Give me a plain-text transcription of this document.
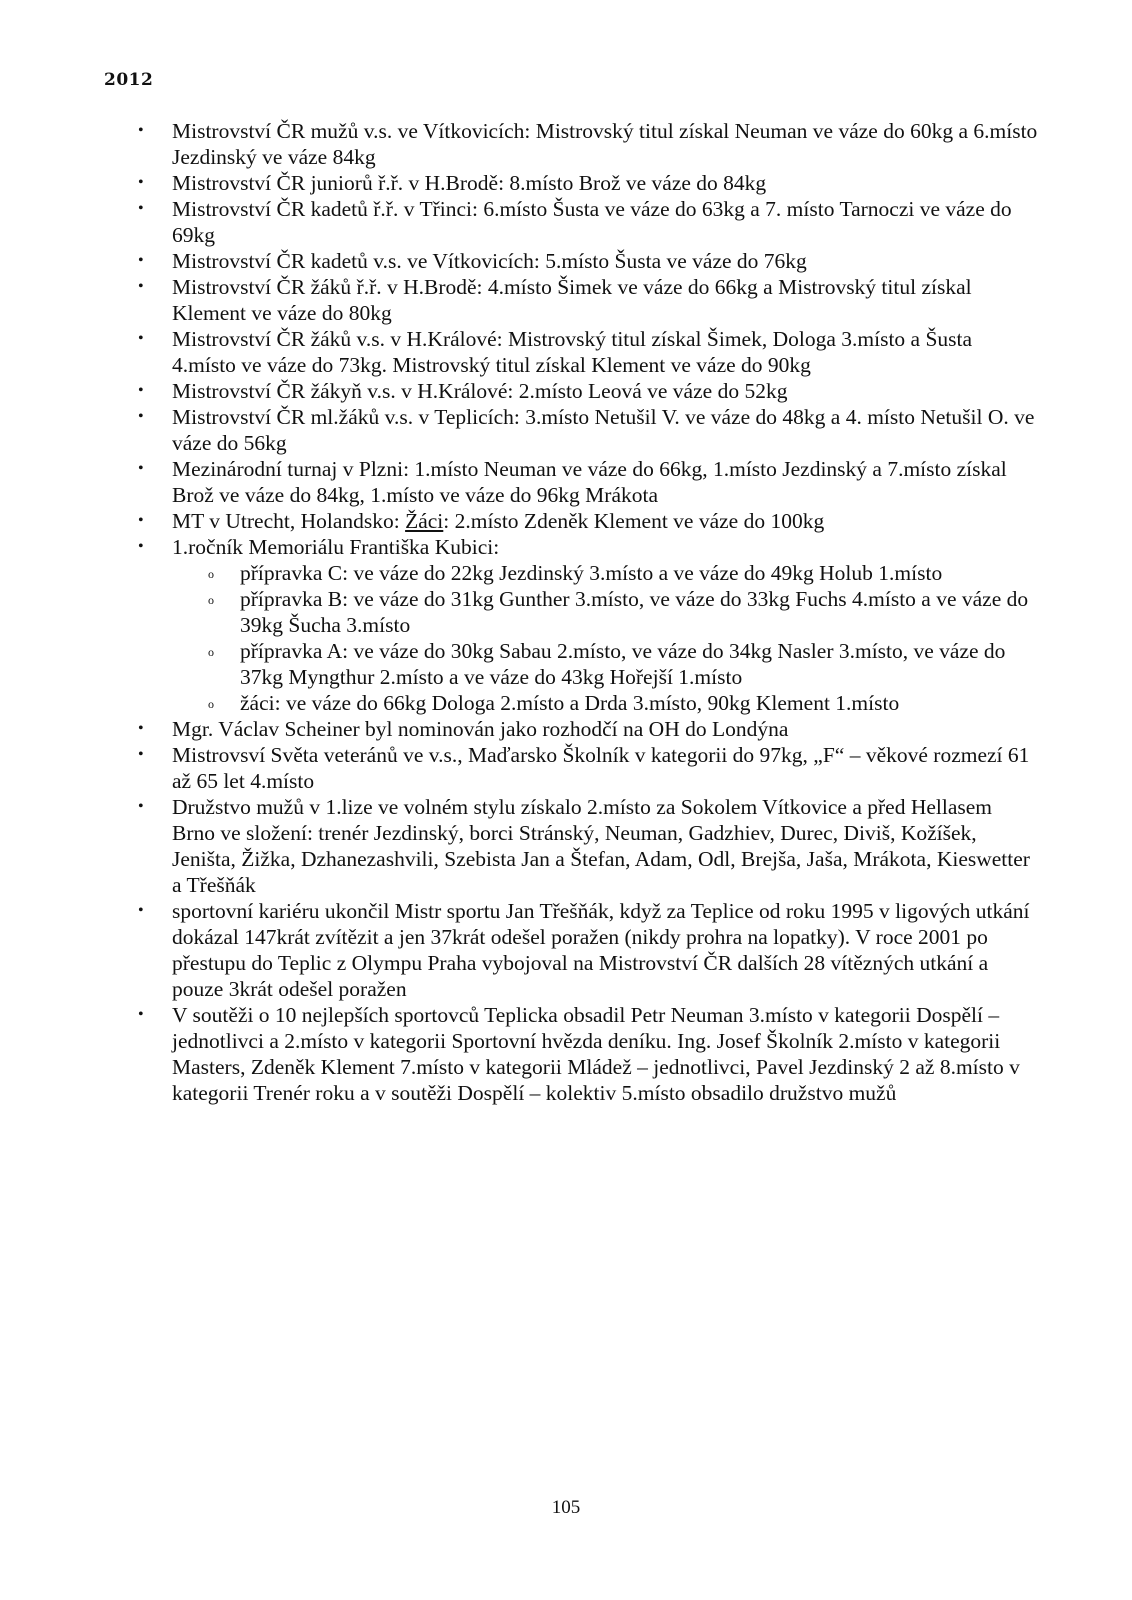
2012
•	Mistrovství ČR mužů v.s. ve Vítkovicích: Mistrovský titul získal Neuman ve váze do 60kg a 6.místo Jezdinský ve váze 84kg
•	Mistrovství ČR juniorů ř.ř. v H.Brodě: 8.místo Brož ve váze do 84kg
•	Mistrovství ČR kadetů ř.ř. v Třinci: 6.místo Šusta ve váze do 63kg a 7. místo Tarnoczi ve váze do 69kg
•	Mistrovství ČR kadetů v.s. ve Vítkovicích: 5.místo Šusta ve váze do 76kg
•	Mistrovství ČR žáků ř.ř. v H.Brodě: 4.místo Šimek ve váze do 66kg a Mistrovský titul získal Klement ve váze do 80kg
•	Mistrovství ČR žáků v.s. v H.Králové: Mistrovský titul získal Šimek, Dologa 3.místo a Šusta 4.místo ve váze do 73kg. Mistrovský titul získal Klement ve váze do 90kg
•	Mistrovství ČR žákyň v.s. v H.Králové: 2.místo Leová ve váze do 52kg
•	Mistrovství ČR ml.žáků v.s. v Teplicích: 3.místo Netušil V. ve váze do 48kg a 4. místo Netušil O. ve váze do 56kg
•	Mezinárodní turnaj v Plzni: 1.místo Neuman ve váze do 66kg, 1.místo Jezdinský a 7.místo získal Brož ve váze do 84kg, 1.místo ve váze do 96kg Mrákota
•	MT v Utrecht, Holandsko: Žáci: 2.místo Zdeněk Klement ve váze do 100kg
•	1.ročník Memoriálu Františka Kubici:
o přípravka C: ve váze do 22kg Jezdinský 3.místo a ve váze do 49kg Holub 1.místo
o přípravka B: ve váze do 31kg Gunther 3.místo, ve váze do 33kg Fuchs 4.místo a ve váze do 39kg Šucha 3.místo
o přípravka A: ve váze do 30kg Sabau 2.místo, ve váze do 34kg Nasler 3.místo, ve váze do 37kg Myngthur 2.místo a ve váze do 43kg Hořejší 1.místo
o žáci: ve váze do 66kg Dologa 2.místo a Drda 3.místo, 90kg Klement 1.místo
•	Mgr. Václav Scheiner byl nominován jako rozhodčí na OH do Londýna
•	Mistrovsví Světa veteránů ve v.s., Maďarsko Školník v kategorii do 97kg, „F“ – věkové rozmezí 61 až 65 let 4.místo
•	Družstvo mužů v 1.lize ve volném stylu získalo 2.místo za Sokolem Vítkovice a před Hellasem Brno ve složení: trenér Jezdinský, borci Stránský, Neuman, Gadzhiev, Durec, Diviš, Kožíšek, Jeništa, Žižka, Dzhanezashvili, Szebista Jan a Štefan, Adam, Odl, Brejša, Jaša, Mrákota, Kieswetter a Třešňák
•	sportovní kariéru ukončil Mistr sportu Jan Třešňák, když za Teplice od roku 1995 v ligových utkání dokázal 147krát zvítězit a jen 37krát odešel poražen (nikdy prohra na lopatky). V roce 2001 po přestupu do Teplic z Olympu Praha vybojoval na Mistrovství ČR dalších 28 vítězných utkání a pouze 3krát odešel poražen
•	V soutěži o 10 nejlepších sportovců Teplicka obsadil Petr Neuman 3.místo v kategorii Dospělí – jednotlivci a 2.místo v kategorii Sportovní hvězda deníku. Ing. Josef Školník 2.místo v kategorii Masters, Zdeněk Klement 7.místo v kategorii Mládež – jednotlivci, Pavel Jezdinský 2 až 8.místo v kategorii Trenér roku a v soutěži Dospělí – kolektiv 5.místo obsadilo družstvo mužů
105
